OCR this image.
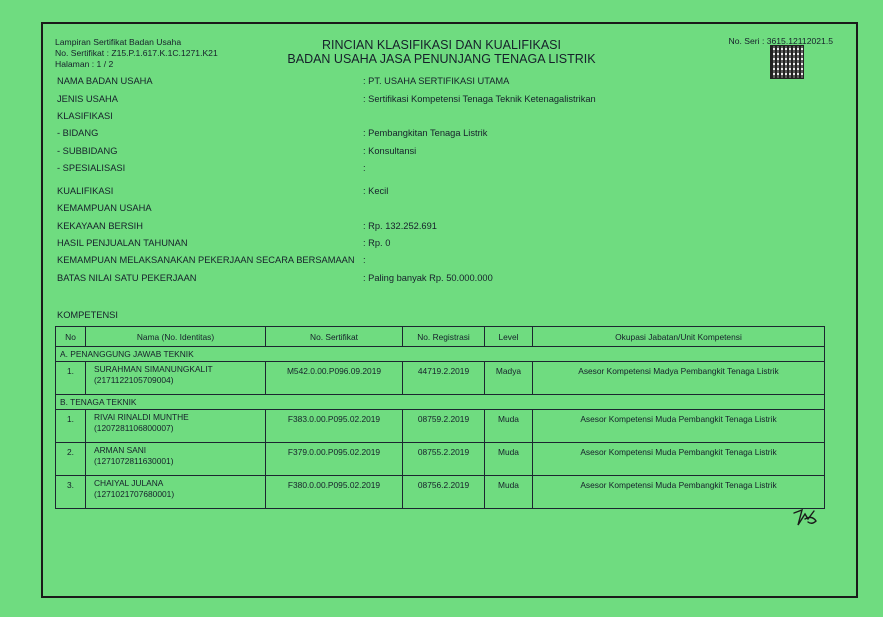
Lampiran Sertifikat Badan Usaha
No. Sertifikat : Z15.P.1.617.K.1C.1271.K21
Halaman : 1 / 2
RINCIAN KLASIFIKASI DAN KUALIFIKASI
BADAN USAHA JASA PENUNJANG TENAGA LISTRIK
No. Seri : 3615.12112021.5
NAMA BADAN USAHA	: PT. USAHA SERTIFIKASI UTAMA
JENIS USAHA	: Sertifikasi Kompetensi Tenaga Teknik Ketenagalistrikan
KLASIFIKASI
- BIDANG	: Pembangkitan Tenaga Listrik
- SUBBIDANG	: Konsultansi
- SPESIALISASI	:
KUALIFIKASI	: Kecil
KEMAMPUAN USAHA
KEKAYAAN BERSIH	: Rp. 132.252.691
HASIL PENJUALAN TAHUNAN	: Rp. 0
KEMAMPUAN MELAKSANAKAN PEKERJAAN SECARA BERSAMAAN :
BATAS NILAI SATU PEKERJAAN	: Paling banyak Rp. 50.000.000
KOMPETENSI
No	Nama (No. Identitas)	No. Sertifikat	No. Registrasi	Level	Okupasi Jabatan/Unit Kompetensi
A. PENANGGUNG JAWAB TEKNIK					
1.	SURAHMAN SIMANUNGKALIT
(2171122105709004)	M542.0.00.P096.09.2019	44719.2.2019	Madya	Asesor Kompetensi Madya Pembangkit Tenaga Listrik
B. TENAGA TEKNIK					
1.	RIVAI RINALDI MUNTHE
(1207281106800007)	F383.0.00.P095.02.2019	08759.2.2019	Muda	Asesor Kompetensi Muda Pembangkit Tenaga Listrik
2.	ARMAN SANI
(1271072811630001)	F379.0.00.P095.02.2019	08755.2.2019	Muda	Asesor Kompetensi Muda Pembangkit Tenaga Listrik
3.	CHAIYAL JULANA
(1271021707680001)	F380.0.00.P095.02.2019	08756.2.2019	Muda	Asesor Kompetensi Muda Pembangkit Tenaga Listrik
